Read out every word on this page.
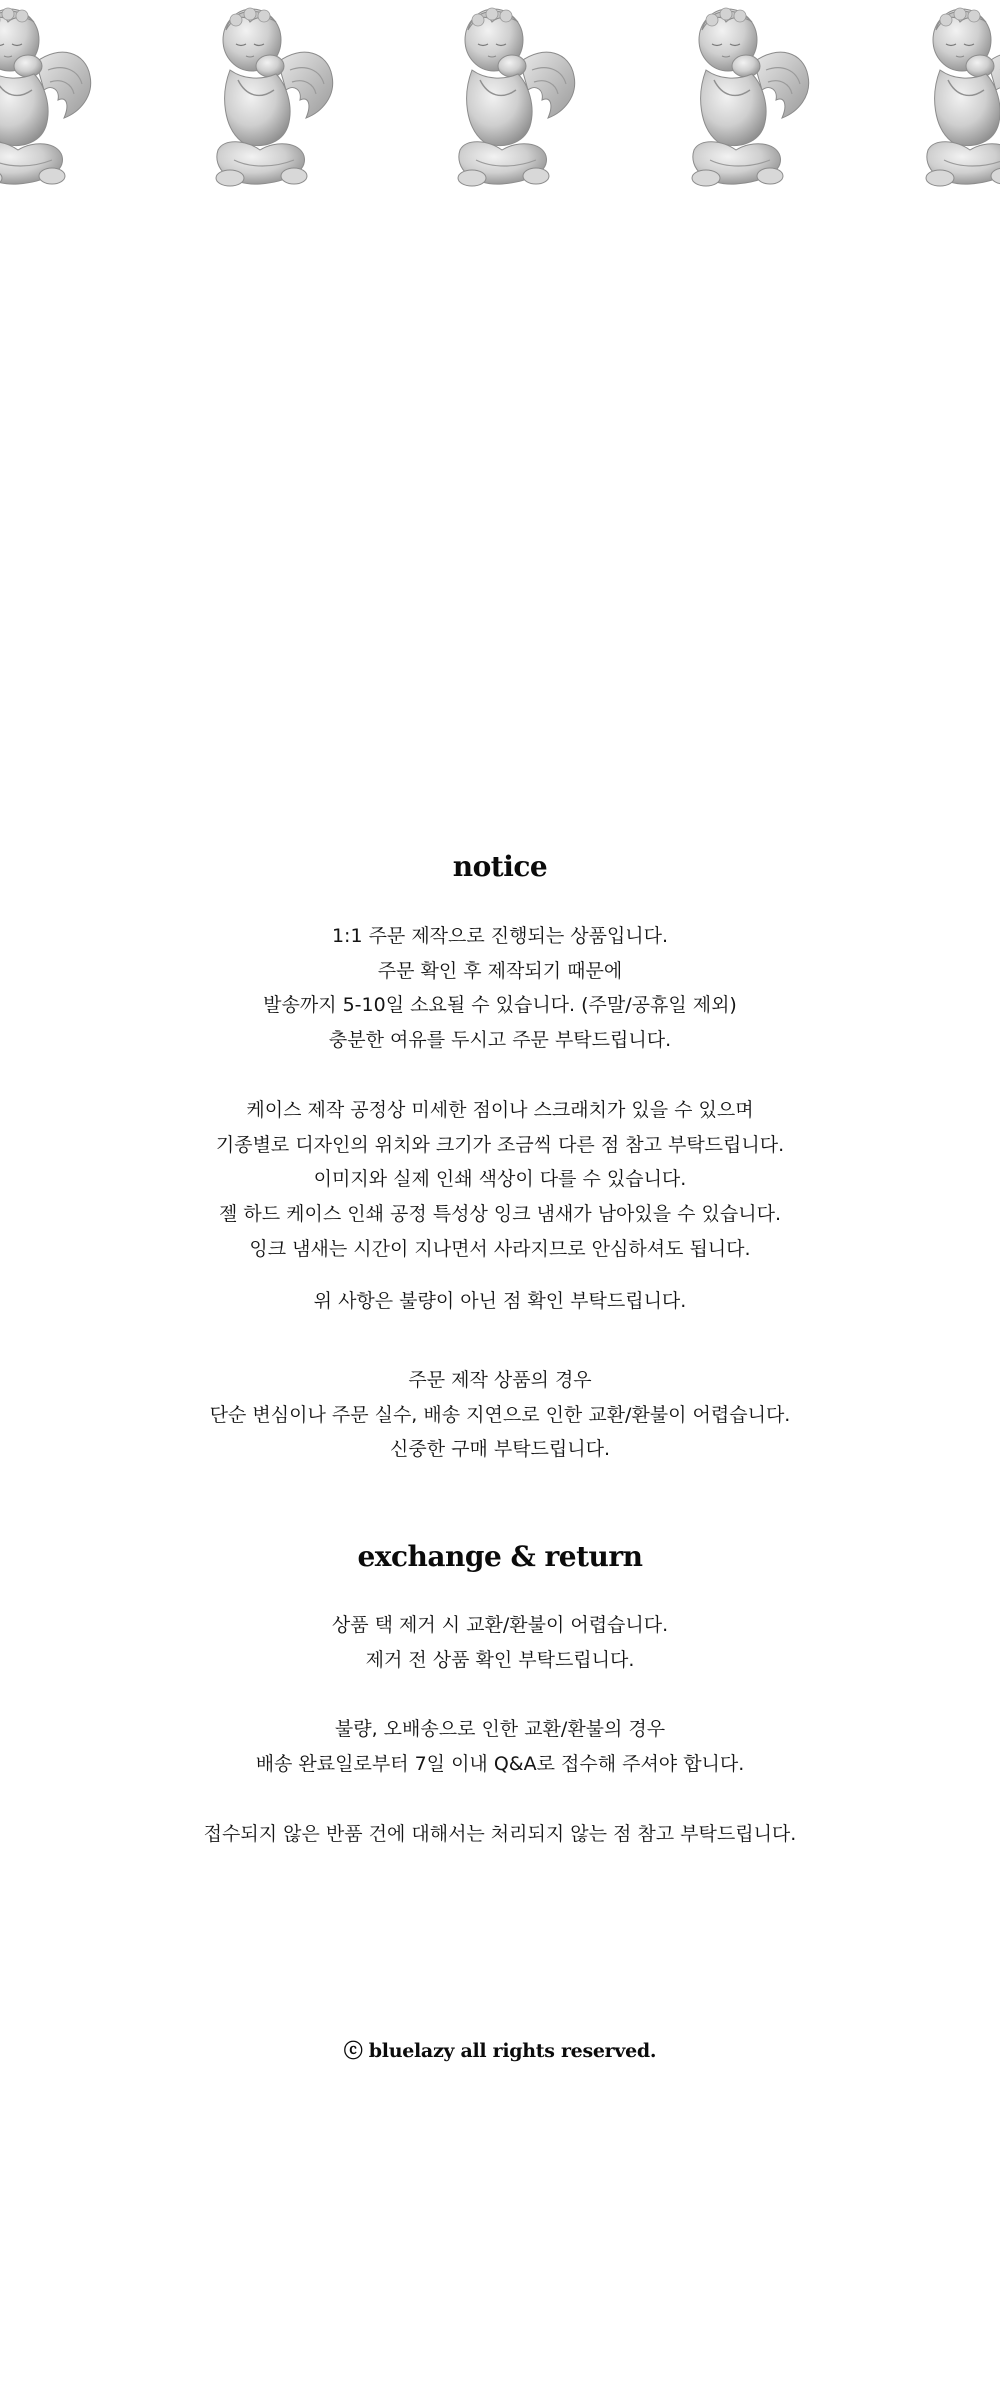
notice
1:1 주문 제작으로 진행되는 상품입니다.
주문 확인 후 제작되기 때문에
발송까지 5-10일 소요될 수 있습니다. (주말/공휴일 제외)
충분한 여유를 두시고 주문 부탁드립니다.
케이스 제작 공정상 미세한 점이나 스크래치가 있을 수 있으며
기종별로 디자인의 위치와 크기가 조금씩 다른 점 참고 부탁드립니다.
이미지와 실제 인쇄 색상이 다를 수 있습니다.
젤 하드 케이스 인쇄 공정 특성상 잉크 냄새가 남아있을 수 있습니다.
잉크 냄새는 시간이 지나면서 사라지므로 안심하셔도 됩니다.
위 사항은 불량이 아닌 점 확인 부탁드립니다.
주문 제작 상품의 경우
단순 변심이나 주문 실수, 배송 지연으로 인한 교환/환불이 어렵습니다.
신중한 구매 부탁드립니다.
exchange & return
상품 택 제거 시 교환/환불이 어렵습니다.
제거 전 상품 확인 부탁드립니다.
불량, 오배송으로 인한 교환/환불의 경우
배송 완료일로부터 7일 이내 Q&A로 접수해 주셔야 합니다.
접수되지 않은 반품 건에 대해서는 처리되지 않는 점 참고 부탁드립니다.
ⓒ bluelazy all rights reserved.
